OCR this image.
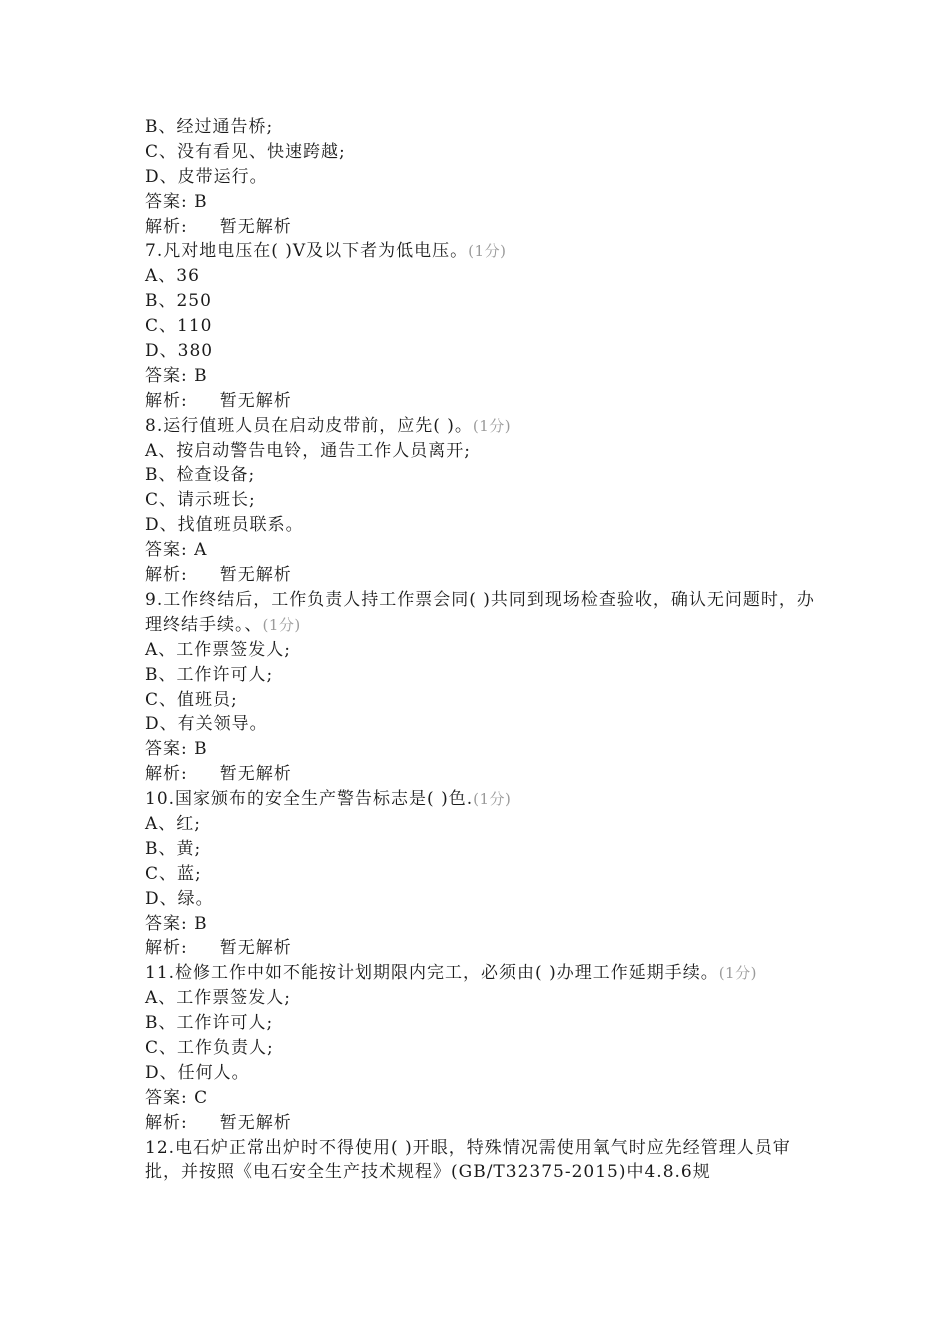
B、经过通告桥;
C、没有看见、快速跨越;
D、皮带运行。
答案: B
解析: 暂无解析
7.凡对地电压在( )V及以下者为低电压。(1分)
A、36
B、250
C、110
D、380
答案: B
解析: 暂无解析
8.运行值班人员在启动皮带前，应先( )。(1分)
A、按启动警告电铃，通告工作人员离开;
B、检查设备;
C、请示班长;
D、找值班员联系。
答案: A
解析: 暂无解析
9.工作终结后，工作负责人持工作票会同( )共同到现场检查验收，确认无问题时，办理终结手续。、(1分)
A、工作票签发人;
B、工作许可人;
C、值班员;
D、有关领导。
答案: B
解析: 暂无解析
10.国家颁布的安全生产警告标志是( )色.(1分)
A、红;
B、黄;
C、蓝;
D、绿。
答案: B
解析: 暂无解析
11.检修工作中如不能按计划期限内完工，必须由( )办理工作延期手续。(1分)
A、工作票签发人;
B、工作许可人;
C、工作负责人;
D、任何人。
答案: C
解析: 暂无解析
12.电石炉正常出炉时不得使用( )开眼，特殊情况需使用氧气时应先经管理人员审批，并按照《电石安全生产技术规程》(GB/T32375-2015)中4.8.6规
